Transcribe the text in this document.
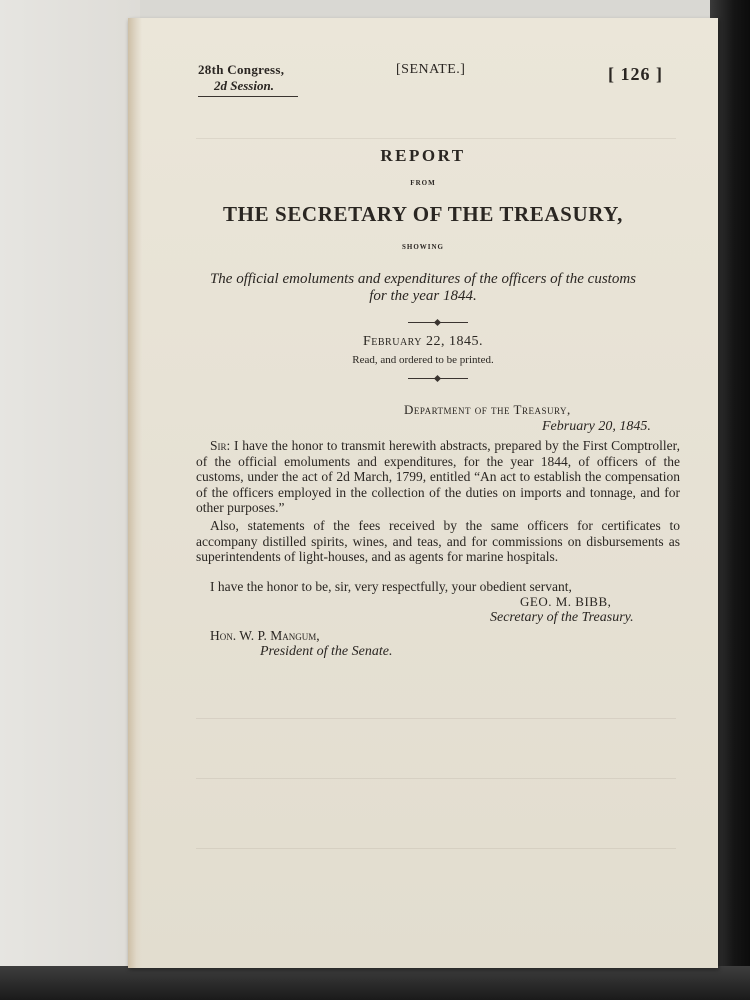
28th Congress,
2d Session.
[SENATE.]	[ 126 ]
REPORT
FROM
THE SECRETARY OF THE TREASURY,
SHOWING
The official emoluments and expenditures of the officers of the customs
for the year 1844.
February 22, 1845.
Read, and ordered to be printed.
Department of the Treasury,
February 20, 1845.
Sir: I have the honor to transmit herewith abstracts, prepared by the First Comptroller, of the official emoluments and expenditures, for the year 1844, of officers of the customs, under the act of 2d March, 1799, entitled “An act to establish the compensation of the officers employed in the collection of the duties on imports and tonnage, and for other purposes.”
Also, statements of the fees received by the same officers for certificates to accompany distilled spirits, wines, and teas, and for commissions on disbursements as superintendents of light-houses, and as agents for marine hospitals.
I have the honor to be, sir, very respectfully, your obedient servant,
GEO. M. BIBB,
Secretary of the Treasury.
Hon. W. P. Mangum,
President of the Senate.
